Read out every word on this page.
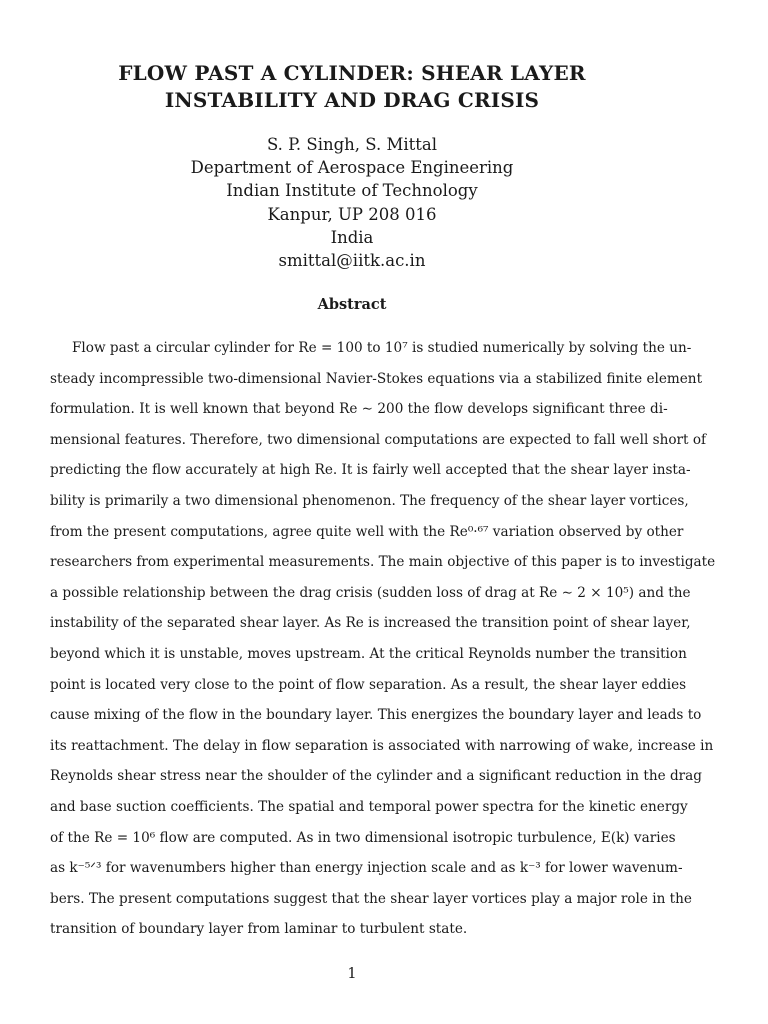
FLOW PAST A CYLINDER: SHEAR LAYER
INSTABILITY AND DRAG CRISIS
S. P. Singh, S. Mittal
Department of Aerospace Engineering
Indian Institute of Technology
Kanpur, UP 208 016
India
smittal@iitk.ac.in
Abstract
Flow past a circular cylinder for Re = 100 to 10⁷ is studied numerically by solving the un-
steady incompressible two-dimensional Navier-Stokes equations via a stabilized finite element
formulation. It is well known that beyond Re ∼ 200 the flow develops significant three di-
mensional features. Therefore, two dimensional computations are expected to fall well short of
predicting the flow accurately at high Re. It is fairly well accepted that the shear layer insta-
bility is primarily a two dimensional phenomenon. The frequency of the shear layer vortices,
from the present computations, agree quite well with the Re⁰·⁶⁷ variation observed by other
researchers from experimental measurements. The main objective of this paper is to investigate
a possible relationship between the drag crisis (sudden loss of drag at Re ∼ 2 × 10⁵) and the
instability of the separated shear layer. As Re is increased the transition point of shear layer,
beyond which it is unstable, moves upstream. At the critical Reynolds number the transition
point is located very close to the point of flow separation. As a result, the shear layer eddies
cause mixing of the flow in the boundary layer. This energizes the boundary layer and leads to
its reattachment. The delay in flow separation is associated with narrowing of wake, increase in
Reynolds shear stress near the shoulder of the cylinder and a significant reduction in the drag
and base suction coefficients. The spatial and temporal power spectra for the kinetic energy
of the Re = 10⁶ flow are computed. As in two dimensional isotropic turbulence, E(k) varies
as k⁻⁵ᐟ³ for wavenumbers higher than energy injection scale and as k⁻³ for lower wavenum-
bers. The present computations suggest that the shear layer vortices play a major role in the
transition of boundary layer from laminar to turbulent state.
1
